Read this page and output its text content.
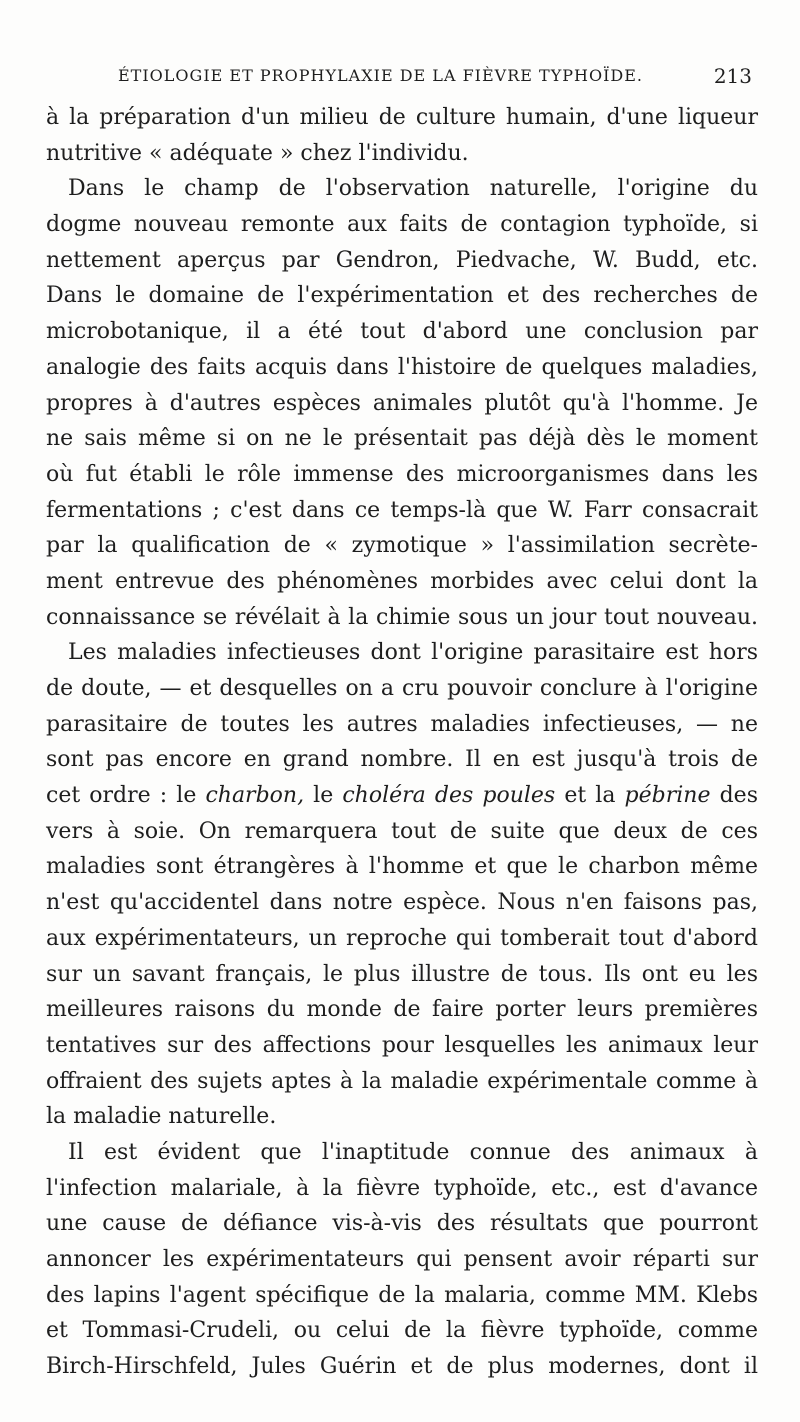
ÉTIOLOGIE ET PROPHYLAXIE DE LA FIÈVRE TYPHOÏDE.	213
à la préparation d'un milieu de culture humain, d'une liqueur
nutritive « adéquate » chez l'individu.
Dans le champ de l'observation naturelle, l'origine du
dogme nouveau remonte aux faits de contagion typhoïde, si
nettement aperçus par Gendron, Piedvache, W. Budd, etc.
Dans le domaine de l'expérimentation et des recherches de
microbotanique, il a été tout d'abord une conclusion par
analogie des faits acquis dans l'histoire de quelques maladies,
propres à d'autres espèces animales plutôt qu'à l'homme. Je
ne sais même si on ne le présentait pas déjà dès le moment
où fut établi le rôle immense des microorganismes dans les
fermentations ; c'est dans ce temps-là que W. Farr consacrait
par la qualification de « zymotique » l'assimilation secrète-
ment entrevue des phénomènes morbides avec celui dont la
connaissance se révélait à la chimie sous un jour tout nouveau.
Les maladies infectieuses dont l'origine parasitaire est hors
de doute, — et desquelles on a cru pouvoir conclure à l'origine
parasitaire de toutes les autres maladies infectieuses, — ne
sont pas encore en grand nombre. Il en est jusqu'à trois de
cet ordre : le charbon, le choléra des poules et la pébrine des
vers à soie. On remarquera tout de suite que deux de ces
maladies sont étrangères à l'homme et que le charbon même
n'est qu'accidentel dans notre espèce. Nous n'en faisons pas,
aux expérimentateurs, un reproche qui tomberait tout d'abord
sur un savant français, le plus illustre de tous. Ils ont eu les
meilleures raisons du monde de faire porter leurs premières
tentatives sur des affections pour lesquelles les animaux leur
offraient des sujets aptes à la maladie expérimentale comme à
la maladie naturelle.
Il est évident que l'inaptitude connue des animaux à
l'infection malariale, à la fièvre typhoïde, etc., est d'avance
une cause de défiance vis-à-vis des résultats que pourront
annoncer les expérimentateurs qui pensent avoir réparti sur
des lapins l'agent spécifique de la malaria, comme MM. Klebs
et Tommasi-Crudeli, ou celui de la fièvre typhoïde, comme
Birch-Hirschfeld, Jules Guérin et de plus modernes, dont il
